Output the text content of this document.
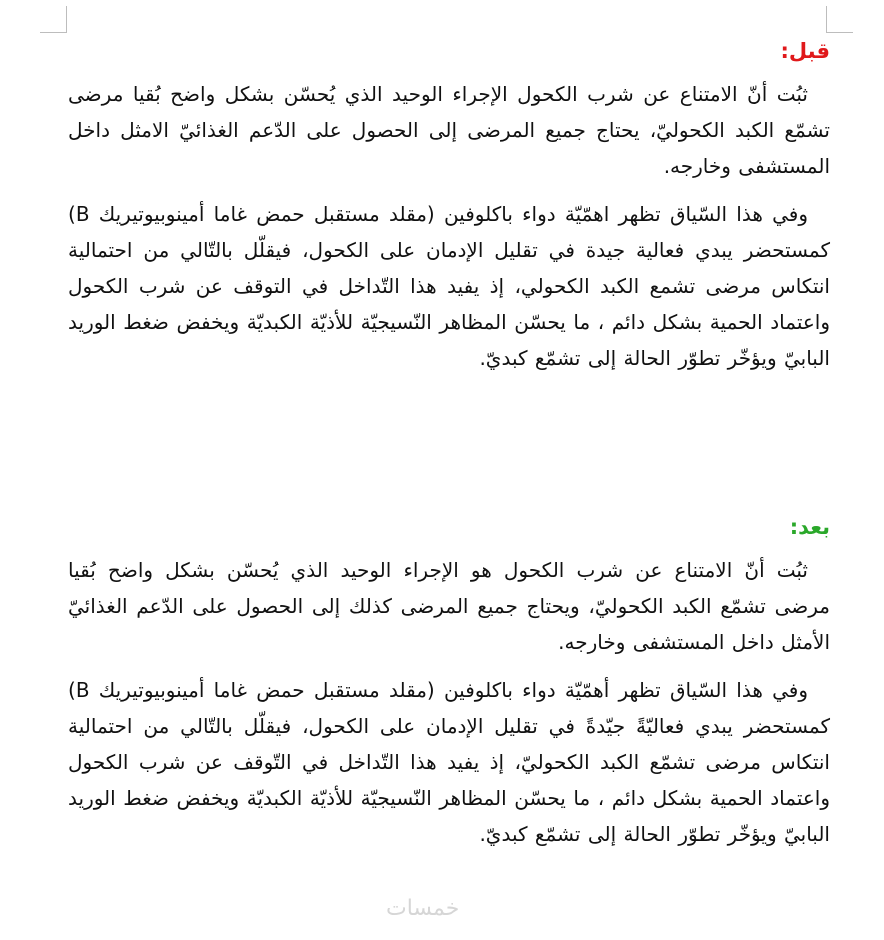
قبل:

ثبُت أنّ الامتناع عن شرب الكحول الإجراء الوحيد الذي يُحسّن بشكل واضح بُقيا مرضى تشمّع الكبد الكحوليّ، يحتاج جميع المرضى إلى الحصول على الدّعم الغذائيّ الامثل داخل المستشفى وخارجه.

وفي هذا السّياق تظهر اهمّيّة دواء باكلوفين (مقلد مستقبل حمض غاما أمينوبيوتيريك B) كمستحضر يبدي فعالية جيدة في تقليل الإدمان على الكحول، فيقلّل بالتّالي من احتمالية انتكاس مرضى تشمع الكبد الكحولي، إذ يفيد هذا التّداخل في التوقف عن شرب الكحول واعتماد الحمية بشكل دائم ، ما يحسّن المظاهر النّسيجيّة للأذيّة الكبديّة ويخفض ضغط الوريد البابيّ ويؤخّر تطوّر الحالة إلى تشمّع كبديّ.

بعد:

ثبُت أنّ الامتناع عن شرب الكحول هو الإجراء الوحيد الذي يُحسّن بشكل واضح بُقيا مرضى تشمّع الكبد الكحوليّ، ويحتاج جميع المرضى كذلك إلى الحصول على الدّعم الغذائيّ الأمثل داخل المستشفى وخارجه.

وفي هذا السّياق تظهر أهمّيّة دواء باكلوفين (مقلد مستقبل حمض غاما أمينوبيوتيريك B) كمستحضر يبدي فعاليّةً جيّدةً في تقليل الإدمان على الكحول، فيقلّل بالتّالي من احتمالية انتكاس مرضى تشمّع الكبد الكحوليّ، إذ يفيد هذا التّداخل في التّوقف عن شرب الكحول واعتماد الحمية بشكل دائم ، ما يحسّن المظاهر النّسيجيّة للأذيّة الكبديّة ويخفض ضغط الوريد البابيّ ويؤخّر تطوّر الحالة إلى تشمّع كبديّ.

خمسات
